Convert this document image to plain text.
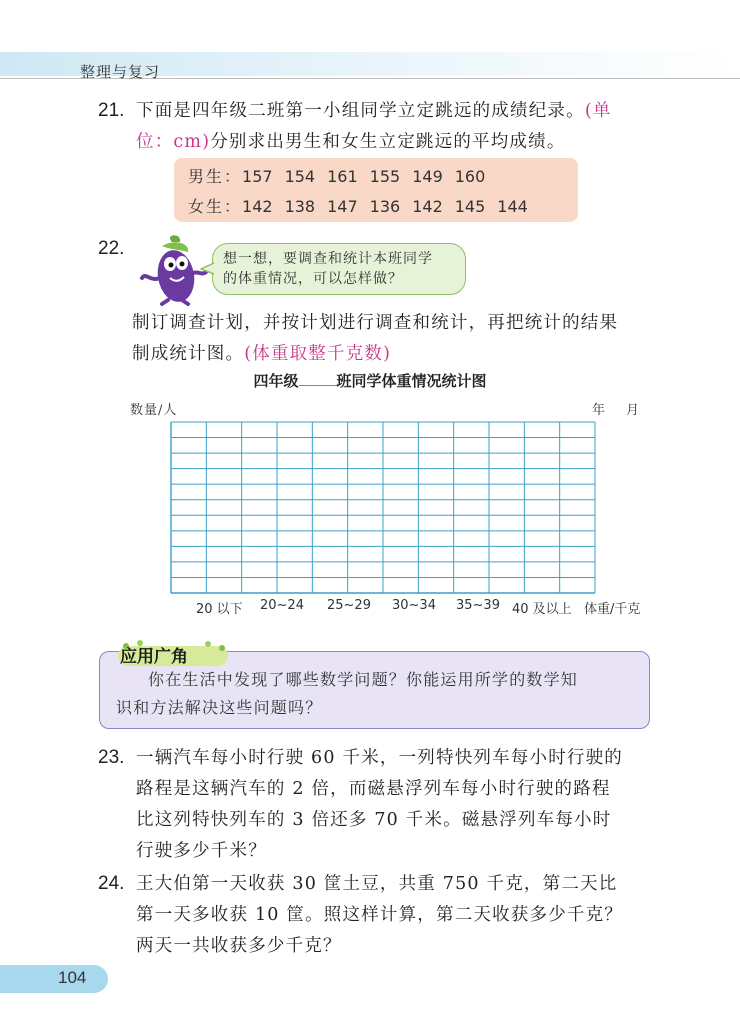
整理与复习
21. 下面是四年级二班第一小组同学立定跳远的成绩纪录。(单
位：cm)分别求出男生和女生立定跳远的平均成绩。
男生：157 154 161 155 149 160
女生：142 138 147 136 142 145 144
22.	想一想，要调查和统计本班同学
的体重情况，可以怎样做？
制订调查计划，并按计划进行调查和统计，再把统计的结果
制成统计图。(体重取整千克数)
四年级	班同学体重情况统计图
数量/人	年 月
20 以下 20~24 25~29 30~34 35~39 40 及以上 体重/千克
你在生活中发现了哪些数学问题？你能运用所学的数学知
识和方法解决这些问题吗？
应用广角
23. 一辆汽车每小时行驶 60 千米，一列特快列车每小时行驶的
路程是这辆汽车的 2 倍，而磁悬浮列车每小时行驶的路程
比这列特快列车的 3 倍还多 70 千米。磁悬浮列车每小时
行驶多少千米？
24. 王大伯第一天收获 30 筐土豆，共重 750 千克，第二天比
第一天多收获 10 筐。照这样计算，第二天收获多少千克？
两天一共收获多少千克？
104
